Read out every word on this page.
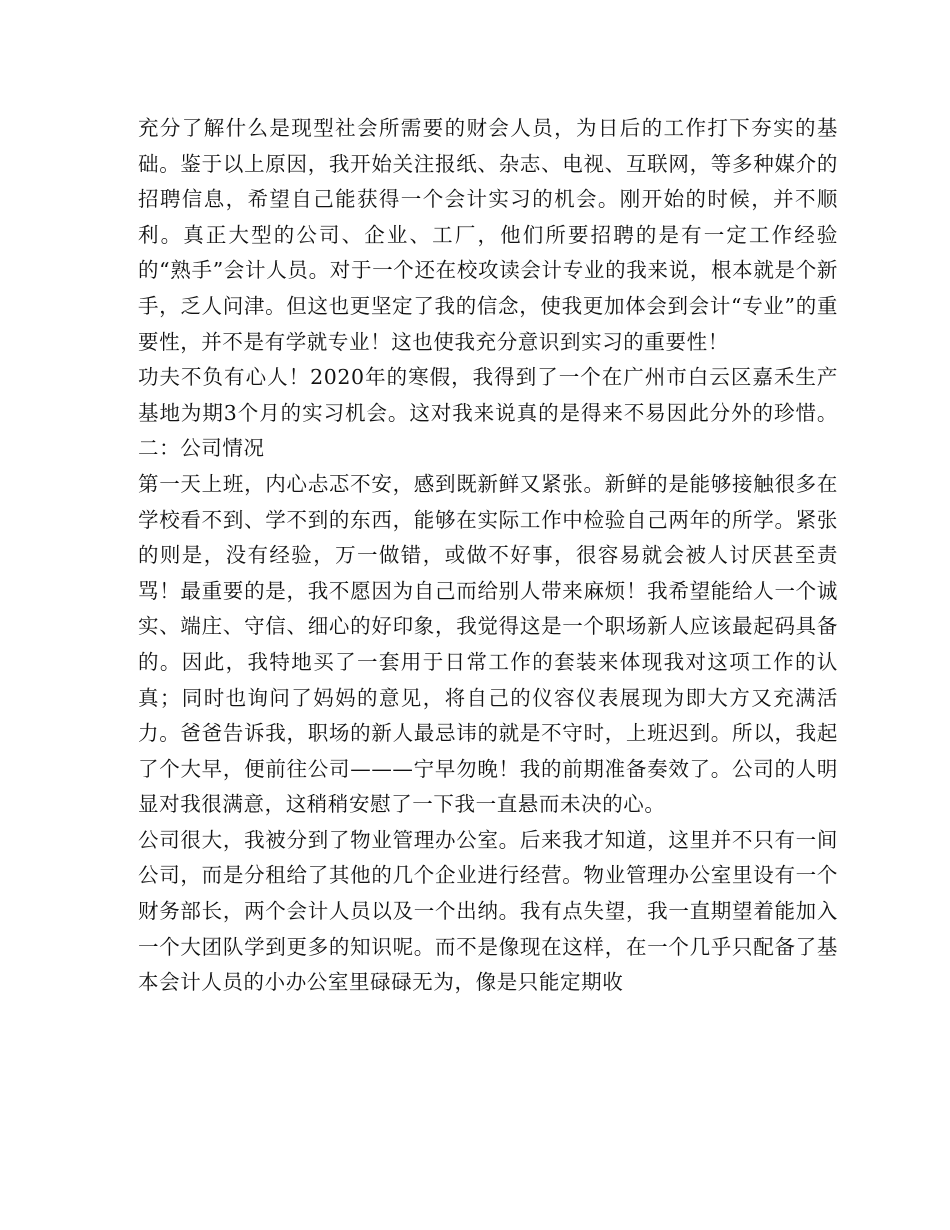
充分了解什么是现型社会所需要的财会人员，为日后的工作打下夯实的基础。鉴于以上原因，我开始关注报纸、杂志、电视、互联网，等多种媒介的招聘信息，希望自己能获得一个会计实习的机会。刚开始的时候，并不顺利。真正大型的公司、企业、工厂，他们所要招聘的是有一定工作经验的“熟手”会计人员。对于一个还在校攻读会计专业的我来说，根本就是个新手，乏人问津。但这也更坚定了我的信念，使我更加体会到会计“专业”的重要性，并不是有学就专业！这也使我充分意识到实习的重要性！

功夫不负有心人！2020年的寒假，我得到了一个在广州市白云区嘉禾生产基地为期3个月的实习机会。这对我来说真的是得来不易因此分外的珍惜。二：公司情况

第一天上班，内心忐忑不安，感到既新鲜又紧张。新鲜的是能够接触很多在学校看不到、学不到的东西，能够在实际工作中检验自己两年的所学。紧张的则是，没有经验，万一做错，或做不好事，很容易就会被人讨厌甚至责骂！最重要的是，我不愿因为自己而给别人带来麻烦！我希望能给人一个诚实、端庄、守信、细心的好印象，我觉得这是一个职场新人应该最起码具备的。因此，我特地买了一套用于日常工作的套装来体现我对这项工作的认真；同时也询问了妈妈的意见，将自己的仪容仪表展现为即大方又充满活力。爸爸告诉我，职场的新人最忌讳的就是不守时，上班迟到。所以，我起了个大早，便前往公司———宁早勿晚！我的前期准备奏效了。公司的人明显对我很满意，这稍稍安慰了一下我一直悬而未决的心。

公司很大，我被分到了物业管理办公室。后来我才知道，这里并不只有一间公司，而是分租给了其他的几个企业进行经营。物业管理办公室里设有一个财务部长，两个会计人员以及一个出纳。我有点失望，我一直期望着能加入一个大团队学到更多的知识呢。而不是像现在这样，在一个几乎只配备了基本会计人员的小办公室里碌碌无为，像是只能定期收
